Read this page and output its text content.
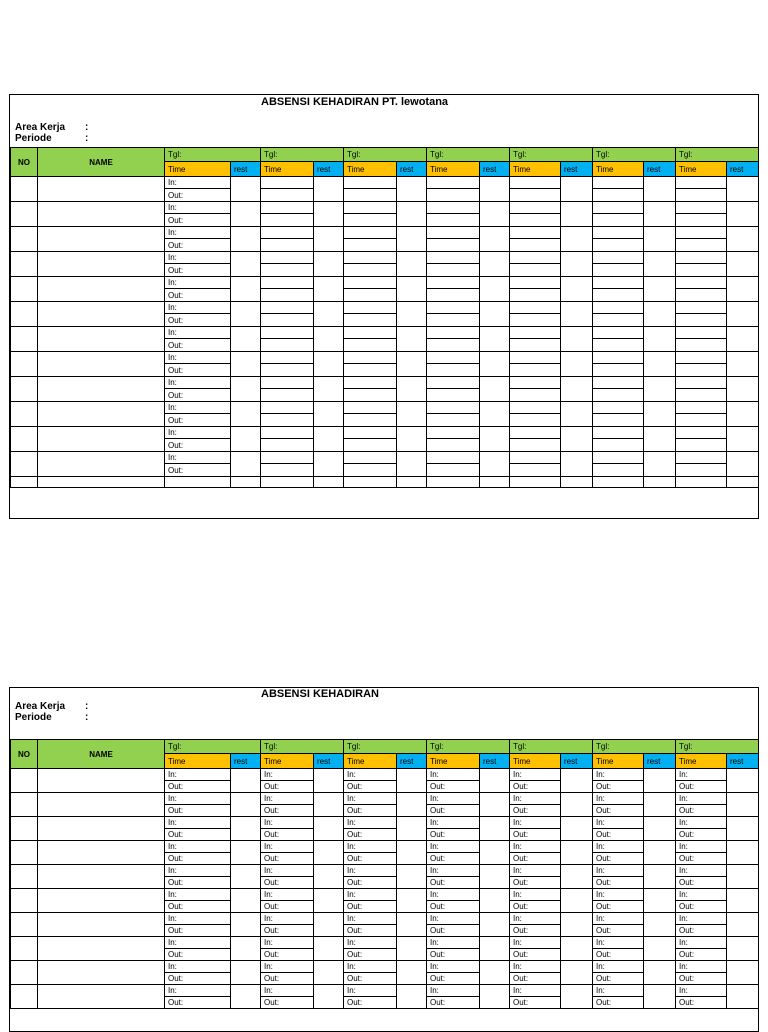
ABSENSI KEHADIRAN PT. lewotana
Area Kerja	:
Periode	:
NO	NAME	Tgl:		Tgl:		Tgl:		Tgl:		Tgl:		Tgl:		Tgl:		
		Time	rest	Time	rest	Time	rest	Time	rest	Time	rest	Time	rest	Time	rest	
		In:														
		Out:														
		In:														
		Out:														
		In:														
		Out:														
		In:														
		Out:														
		In:														
		Out:														
		In:														
		Out:														
		In:														
		Out:														
		In:														
		Out:														
		In:														
		Out:														
		In:														
		Out:														
		In:														
		Out:														
		In:														
		Out:														

ABSENSI KEHADIRAN
Area Kerja	:
Periode	:
NO	NAME	Tgl:		Tgl:		Tgl:		Tgl:		Tgl:		Tgl:		Tgl:	
		Time	rest	Time	rest	Time	rest	Time	rest	Time	rest	Time	rest	Time	rest
		In:		In:		In:		In:		In:		In:		In:	
		Out:		Out:		Out:		Out:		Out:		Out:		Out:	
		In:		In:		In:		In:		In:		In:		In:	
		Out:		Out:		Out:		Out:		Out:		Out:		Out:	
		In:		In:		In:		In:		In:		In:		In:	
		Out:		Out:		Out:		Out:		Out:		Out:		Out:	
		In:		In:		In:		In:		In:		In:		In:	
		Out:		Out:		Out:		Out:		Out:		Out:		Out:	
		In:		In:		In:		In:		In:		In:		In:	
		Out:		Out:		Out:		Out:		Out:		Out:		Out:	
		In:		In:		In:		In:		In:		In:		In:	
		Out:		Out:		Out:		Out:		Out:		Out:		Out:	
		In:		In:		In:		In:		In:		In:		In:	
		Out:		Out:		Out:		Out:		Out:		Out:		Out:	
		In:		In:		In:		In:		In:		In:		In:	
		Out:		Out:		Out:		Out:		Out:		Out:		Out:	
		In:		In:		In:		In:		In:		In:		In:	
		Out:		Out:		Out:		Out:		Out:		Out:		Out:	
		In:		In:		In:		In:		In:		In:		In:	
		Out:		Out:		Out:		Out:		Out:		Out:		Out:	
